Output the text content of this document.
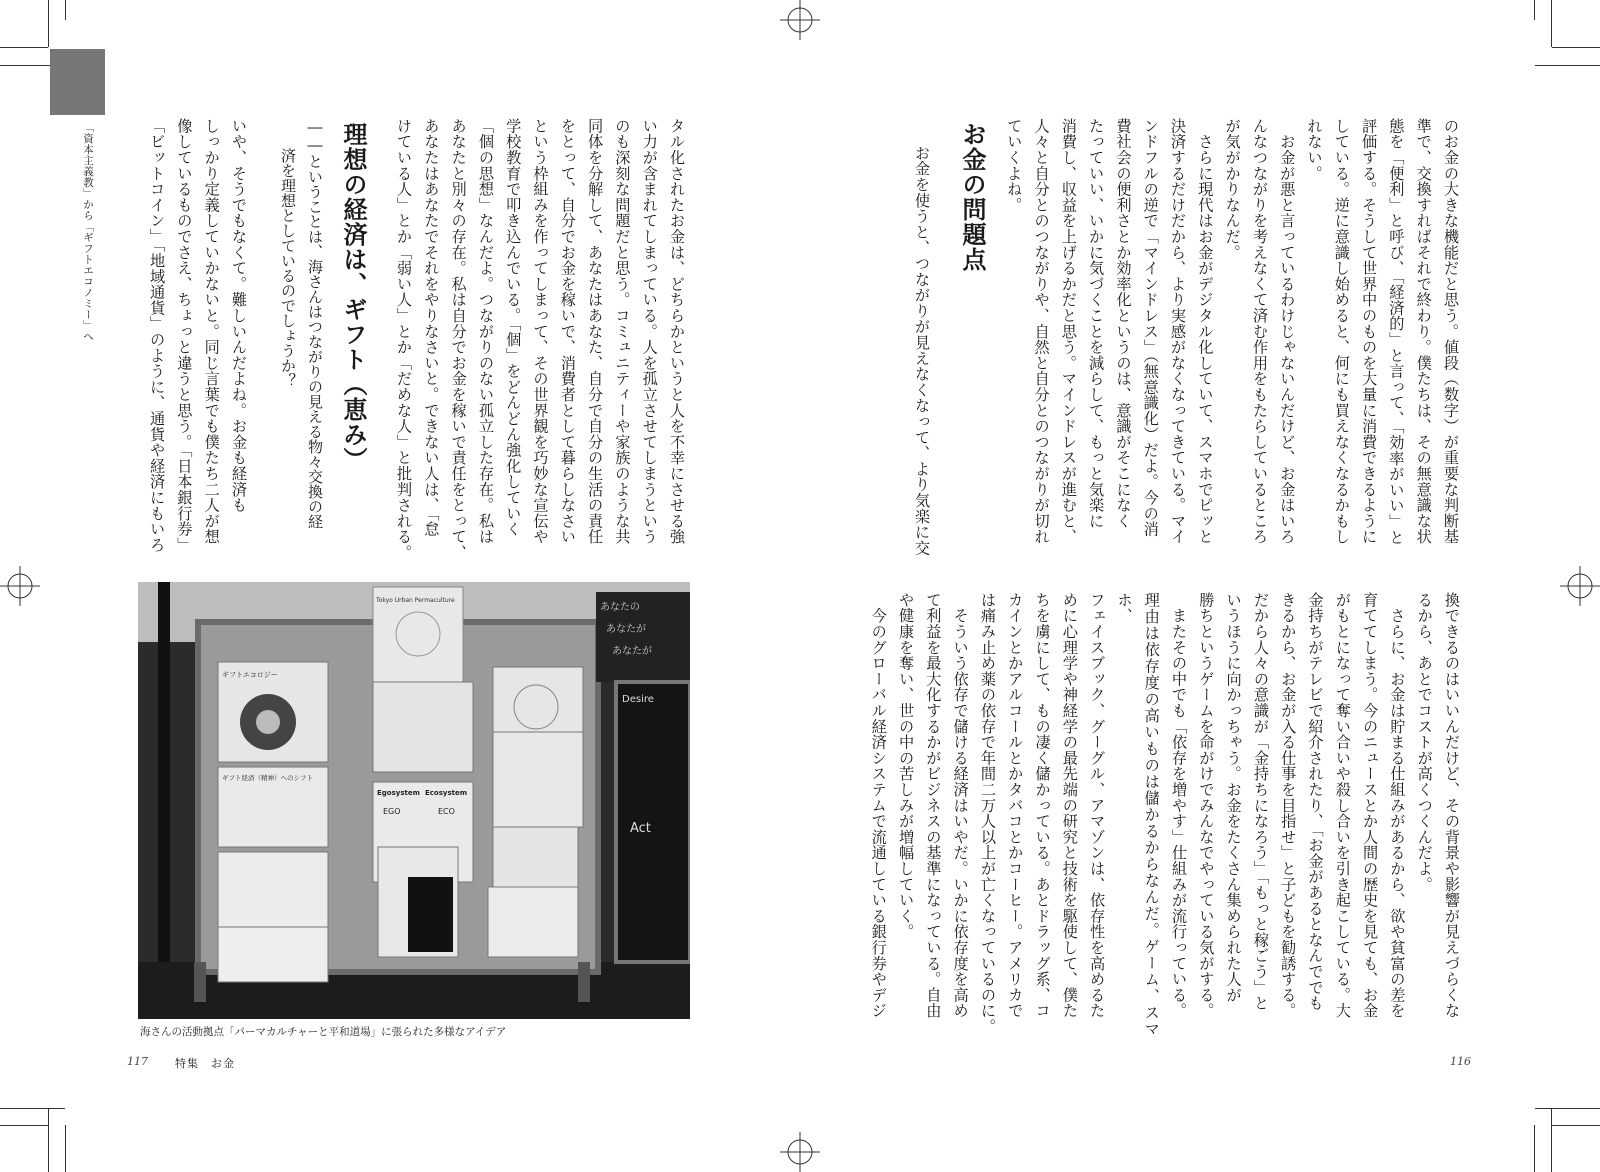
「資本主義教」から「ギフトエコノミー」へ	タル化されたお金は、どちらかというと人を不幸にさせる強
い力が含まれてしまっている。人を孤立させてしまうという
のも深刻な問題だと思う。コミュニティーや家族のような共
同体を分解して、あなたはあなた、自分で自分の生活の責任
をとって、自分でお金を稼いで、消費者として暮らしなさい
という枠組みを作ってしまって、その世界観を巧妙な宣伝や
学校教育で叩き込んでいる。「個」をどんどん強化していく
「個の思想」なんだよ。つながりのない孤立した存在。私は
あなたと別々の存在。私は自分でお金を稼いで責任をとって、
あなたはあなたでそれをやりなさいと。できない人は、「怠
けている人」とか「弱い人」とか「だめな人」と批判される。
理想の経済は、ギフト（恵み）
――ということは、海さんはつながりの見える物々交換の経
　　済を理想としているのでしょうか？
いや、そうでもなくて。難しいんだよね。お金も経済も
しっかり定義していかないと。同じ言葉でも僕たち二人が想
像しているものでさえ、ちょっと違うと思う。「日本銀行券」
「ビットコイン」「地域通貨」のように、通貨や経済にもいろ
ギフトエコロジー
ギフト経済（精神）へのシフト
Egosystem Ecosystem
EGO	ECO
Tokyo Urban Permaculture
Desire
Act
あなたの
あなたが
あなたが
海さんの活動拠点「パーマカルチャーと平和道場」に張られた多様なアイデア
117 特集 お金
のお金の大きな機能だと思う。値段（数字）が重要な判断基
準で、交換すればそれで終わり。僕たちは、その無意識な状
態を「便利」と呼び、「経済的」と言って、「効率がいい」と
評価する。そうして世界中のものを大量に消費できるように
している。逆に意識し始めると、何にも買えなくなるかもし
れない。
　お金が悪と言っているわけじゃないんだけど、お金はいろ
んなつながりを考えなくて済む作用をもたらしているところ
が気がかりなんだ。
　さらに現代はお金がデジタル化していて、スマホでピッと
決済するだけだから、より実感がなくなってきている。マイ
ンドフルの逆で「マインドレス」（無意識化）だよ。今の消
費社会の便利さとか効率化というのは、意識がそこになく
たっていい、いかに気づくことを減らして、もっと気楽に
消費し、収益を上げるかだと思う。マインドレスが進むと、
人々と自分とのつながりや、自然と自分とのつながりが切れ
ていくよね。
お金の問題点
お金を使うと、つながりが見えなくなって、より気楽に交
換できるのはいいんだけど、その背景や影響が見えづらくな
るから、あとでコストが高くつくんだよ。
　さらに、お金は貯まる仕組みがあるから、欲や貧富の差を
育ててしまう。今のニュースとか人間の歴史を見ても、お金
がもとになって奪い合いや殺し合いを引き起こしている。大
金持ちがテレビで紹介されたり、「お金があるとなんででも
きるから、お金が入る仕事を目指せ」と子どもを勧誘する。
だから人々の意識が「金持ちになろう」「もっと稼ごう」と
いうほうに向かっちゃう。お金をたくさん集められた人が
勝ちというゲームを命がけでみんなでやっている気がする。
　またその中でも「依存を増やす」仕組みが流行っている。
理由は依存度の高いものは儲かるからなんだ。ゲーム、スマホ、
フェイスブック、グーグル、アマゾンは、依存性を高めるた
めに心理学や神経学の最先端の研究と技術を駆使して、僕た
ちを虜にして、もの凄く儲かっている。あとドラッグ系、コ
カインとかアルコールとかタバコとかコーヒー。アメリカで
は痛み止め薬の依存で年間二万人以上が亡くなっているのに。
　そういう依存で儲ける経済はいやだ。いかに依存度を高め
て利益を最大化するかがビジネスの基準になっている。自由
や健康を奪い、世の中の苦しみが増幅していく。
　今のグローバル経済システムで流通している銀行券やデジ
116
